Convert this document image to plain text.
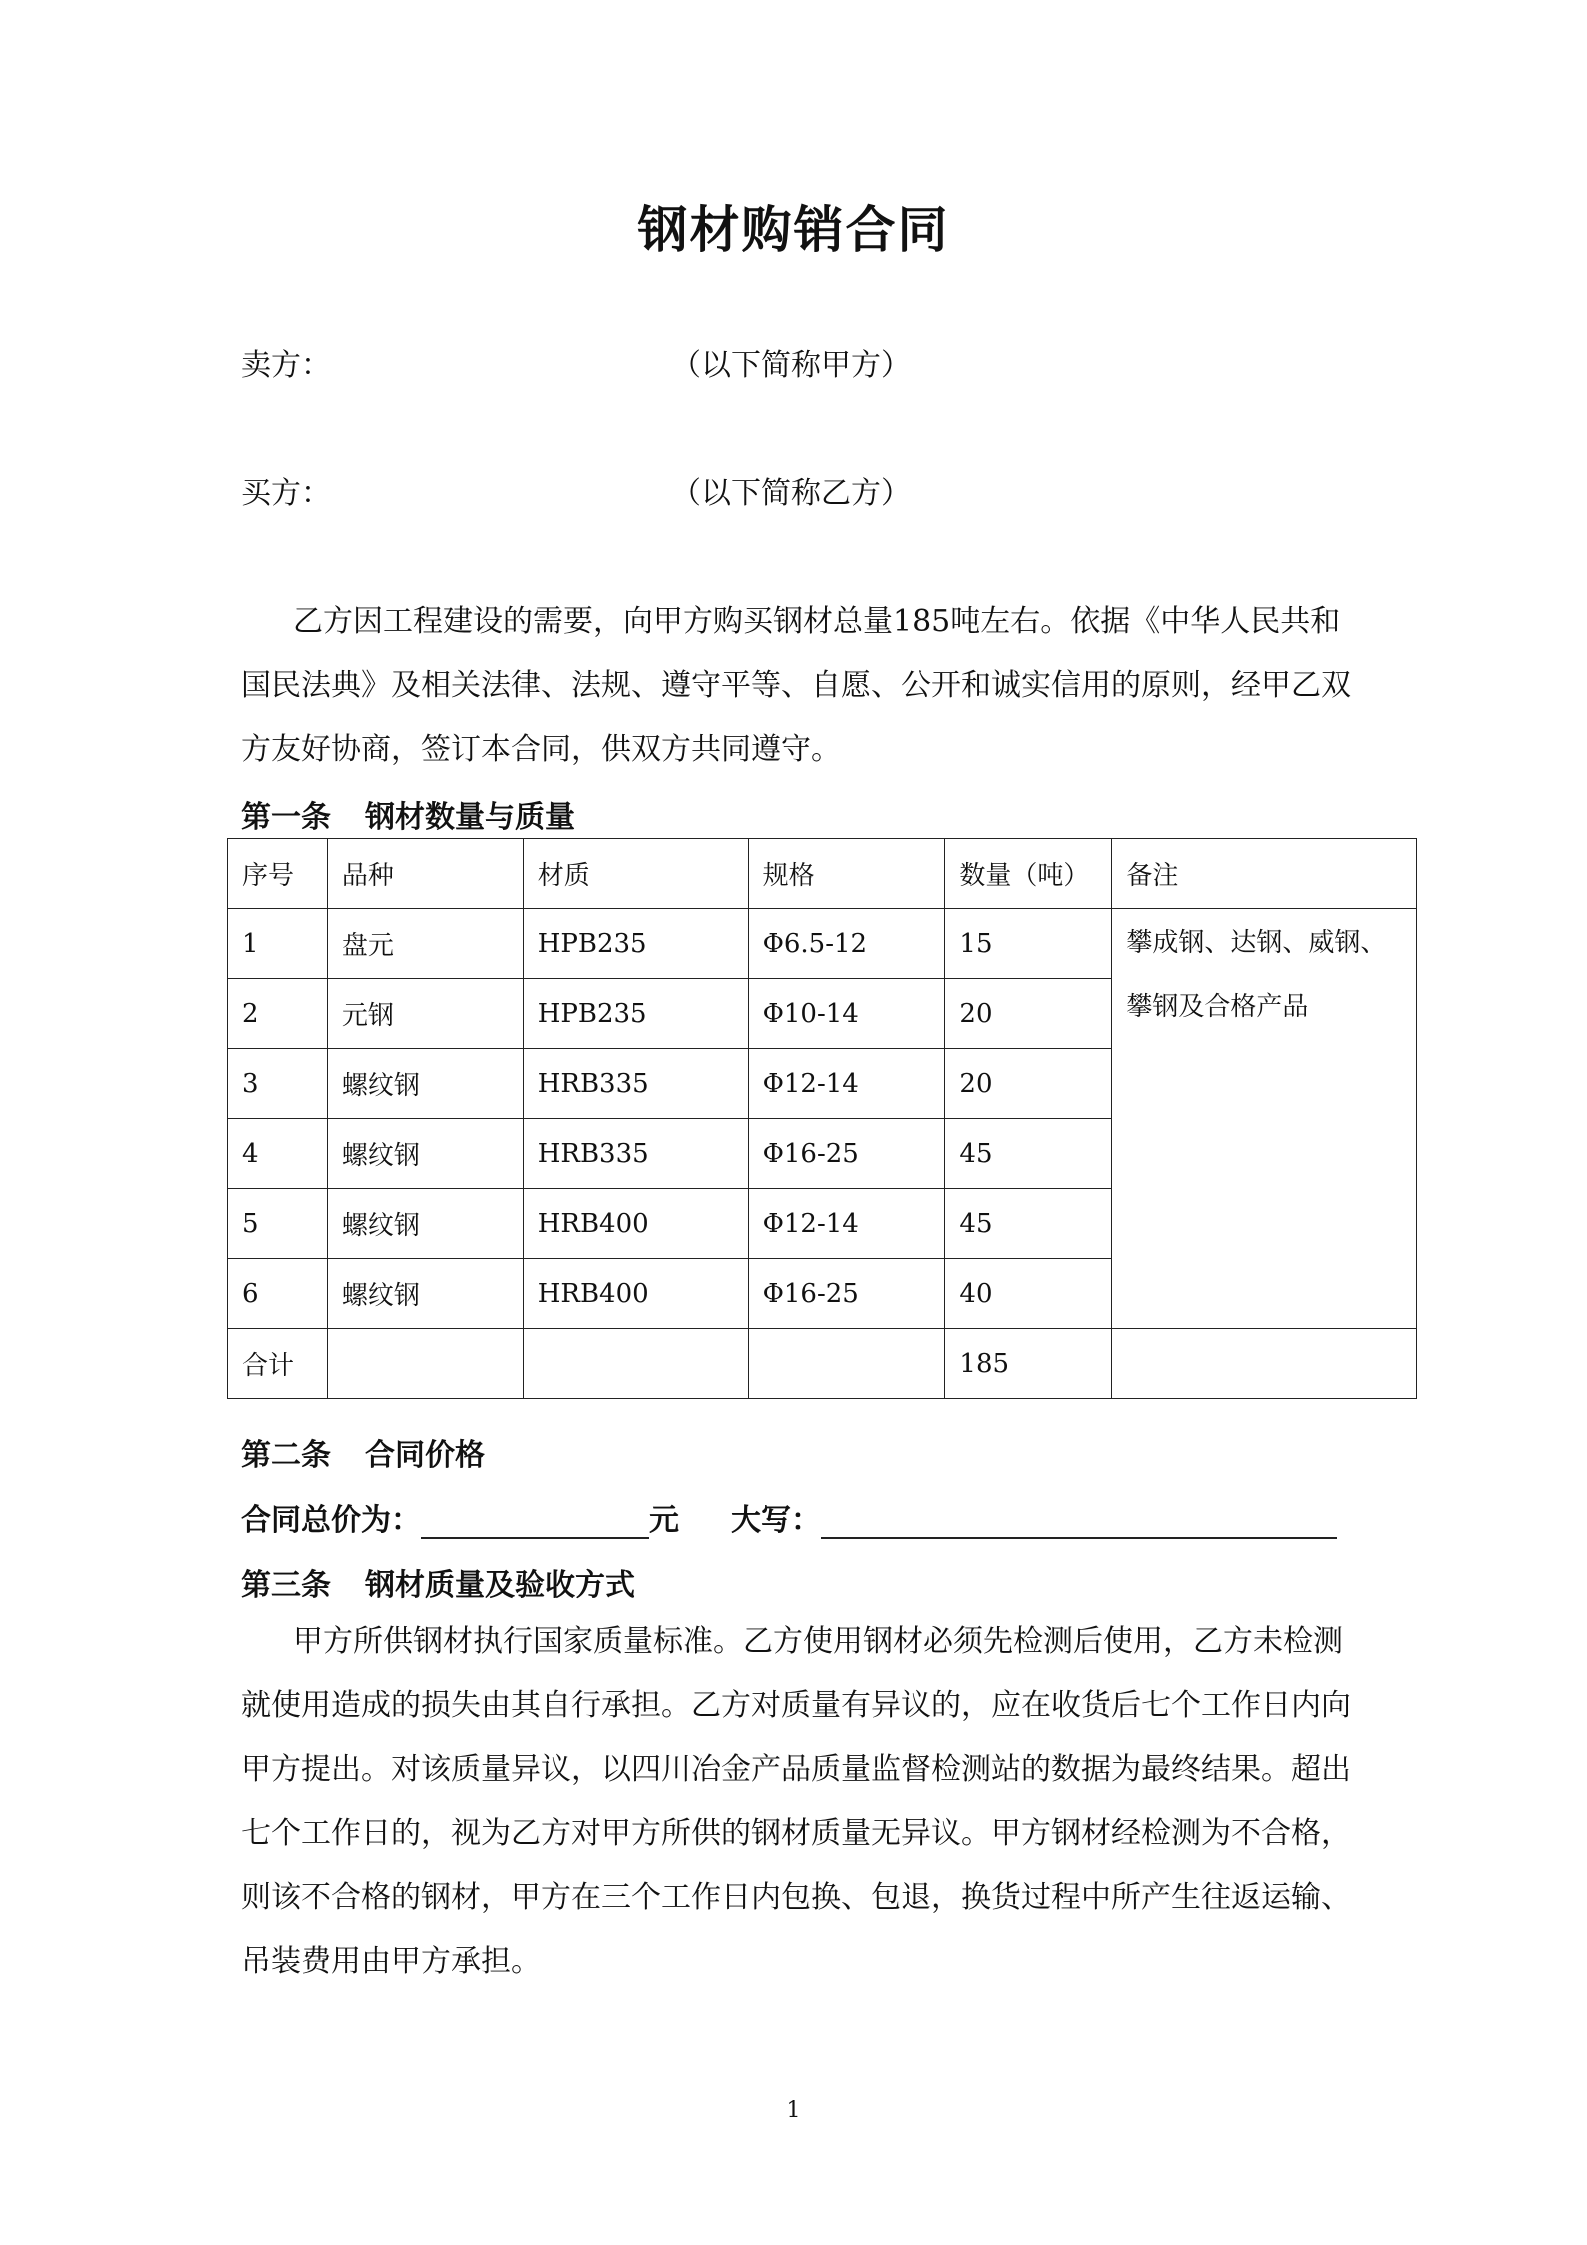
钢材购销合同
卖方：	（以下简称甲方）
买方：	（以下简称乙方）
乙方因工程建设的需要，向甲方购买钢材总量185吨左右。依据《中华人民共和国民法典》及相关法律、法规、遵守平等、自愿、公开和诚实信用的原则，经甲乙双方友好协商，签订本合同，供双方共同遵守。
第一条 钢材数量与质量
序号	品种	材质	规格	数量（吨）	备注
1	盘元	HPB235	Φ6.5-12	15	攀成钢、达钢、威钢、攀钢及合格产品
2	元钢	HPB235	Φ10-14	20	
3	螺纹钢	HRB335	Φ12-14	20	
4	螺纹钢	HRB335	Φ16-25	45	
5	螺纹钢	HRB400	Φ12-14	45	
6	螺纹钢	HRB400	Φ16-25	40	
合计				185	
第二条 合同价格
合同总价为：	元 大写：
第三条 钢材质量及验收方式
甲方所供钢材执行国家质量标准。乙方使用钢材必须先检测后使用，乙方未检测就使用造成的损失由其自行承担。乙方对质量有异议的，应在收货后七个工作日内向甲方提出。对该质量异议，以四川冶金产品质量监督检测站的数据为最终结果。超出七个工作日的，视为乙方对甲方所供的钢材质量无异议。甲方钢材经检测为不合格，则该不合格的钢材，甲方在三个工作日内包换、包退，换货过程中所产生往返运输、吊装费用由甲方承担。
1
